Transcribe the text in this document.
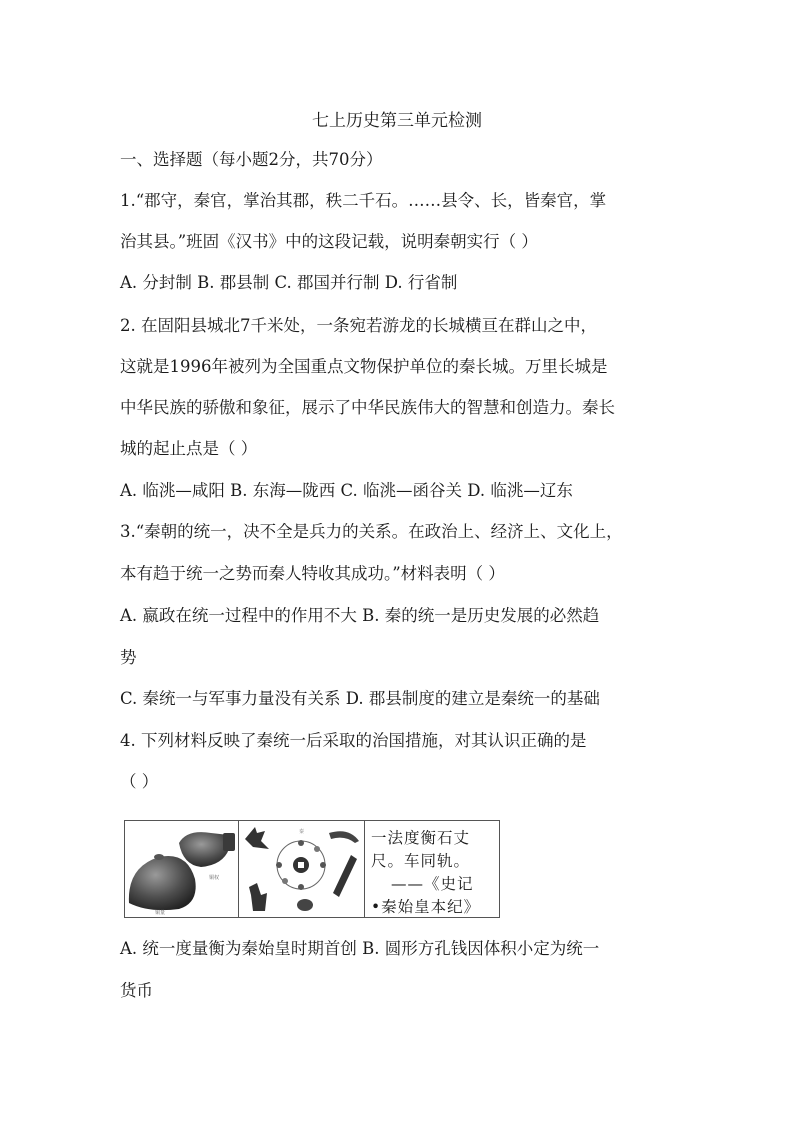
七上历史第三单元检测
一、选择题（每小题2分，共70分）
1.“郡守，秦官，掌治其郡，秩二千石。……县令、长，皆秦官，掌
治其县。”班固《汉书》中的这段记载，说明秦朝实行（ ）
A. 分封制 B. 郡县制 C. 郡国并行制 D. 行省制
2. 在固阳县城北7千米处，一条宛若游龙的长城横亘在群山之中，
这就是1996年被列为全国重点文物保护单位的秦长城。万里长城是
中华民族的骄傲和象征，展示了中华民族伟大的智慧和创造力。秦长
城的起止点是（ ）
A. 临洮—咸阳 B. 东海—陇西 C. 临洮—函谷关 D. 临洮—辽东
3.“秦朝的统一，决不全是兵力的关系。在政治上、经济上、文化上，
本有趋于统一之势而秦人特收其成功。”材料表明（ ）
A. 嬴政在统一过程中的作用不大 B. 秦的统一是历史发展的必然趋
势
C. 秦统一与军事力量没有关系 D. 郡县制度的建立是秦统一的基础
4. 下列材料反映了秦统一后采取的治国措施，对其认识正确的是
（ ）
铜权
铜量
秦	一法度衡石丈
尺。车同轨。
——《史记
•秦始皇本纪》
A. 统一度量衡为秦始皇时期首创 B. 圆形方孔钱因体积小定为统一
货币
